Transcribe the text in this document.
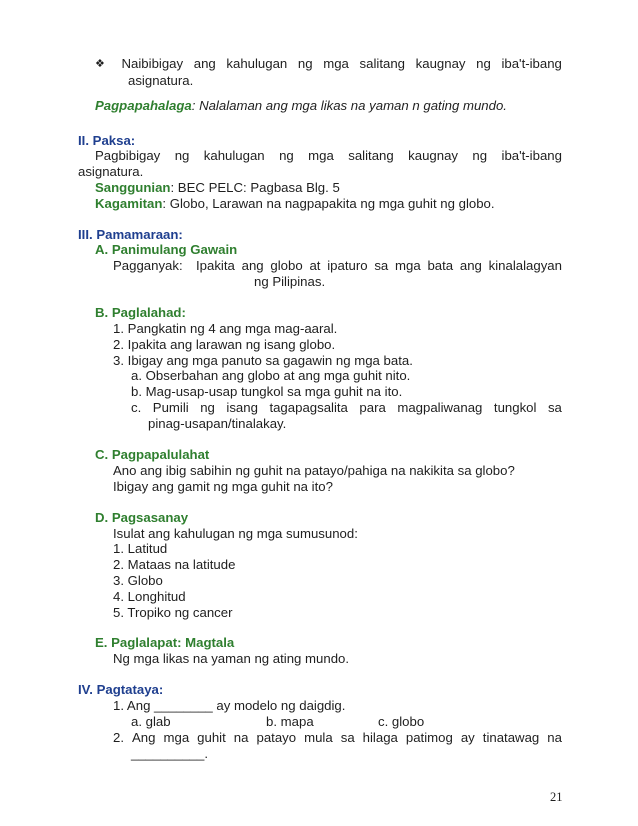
❖ Naibibigay ang kahulugan ng mga salitang kaugnay ng iba't-ibang
asignatura.
Pagpapahalaga: Nalalaman ang mga likas na yaman n gating mundo.
II. Paksa:
Pagbibigay ng kahulugan ng mga salitang kaugnay ng iba't-ibang
asignatura.
Sanggunian: BEC PELC: Pagbasa Blg. 5
Kagamitan: Globo, Larawan na nagpapakita ng mga guhit ng globo.
III. Pamamaraan:
A. Panimulang Gawain
Pagganyak: Ipakita ang globo at ipaturo sa mga bata ang kinalalagyan
ng Pilipinas.
B. Paglalahad:
1. Pangkatin ng 4 ang mga mag-aaral.
2. Ipakita ang larawan ng isang globo.
3. Ibigay ang mga panuto sa gagawin ng mga bata.
a. Obserbahan ang globo at ang mga guhit nito.
b. Mag-usap-usap tungkol sa mga guhit na ito.
c. Pumili ng isang tagapagsalita para magpaliwanag tungkol sa
pinag-usapan/tinalakay.
C. Pagpapalulahat
Ano ang ibig sabihin ng guhit na patayo/pahiga na nakikita sa globo?
Ibigay ang gamit ng mga guhit na ito?
D. Pagsasanay
Isulat ang kahulugan ng mga sumusunod:
1. Latitud
2. Mataas na latitude
3. Globo
4. Longhitud
5. Tropiko ng cancer
E. Paglalapat: Magtala
Ng mga likas na yaman ng ating mundo.
IV. Pagtataya:
1. Ang ________ ay modelo ng daigdig.
a. glab	b. mapa	c. globo
2. Ang mga guhit na patayo mula sa hilaga patimog ay tinatawag na
__________.
21
